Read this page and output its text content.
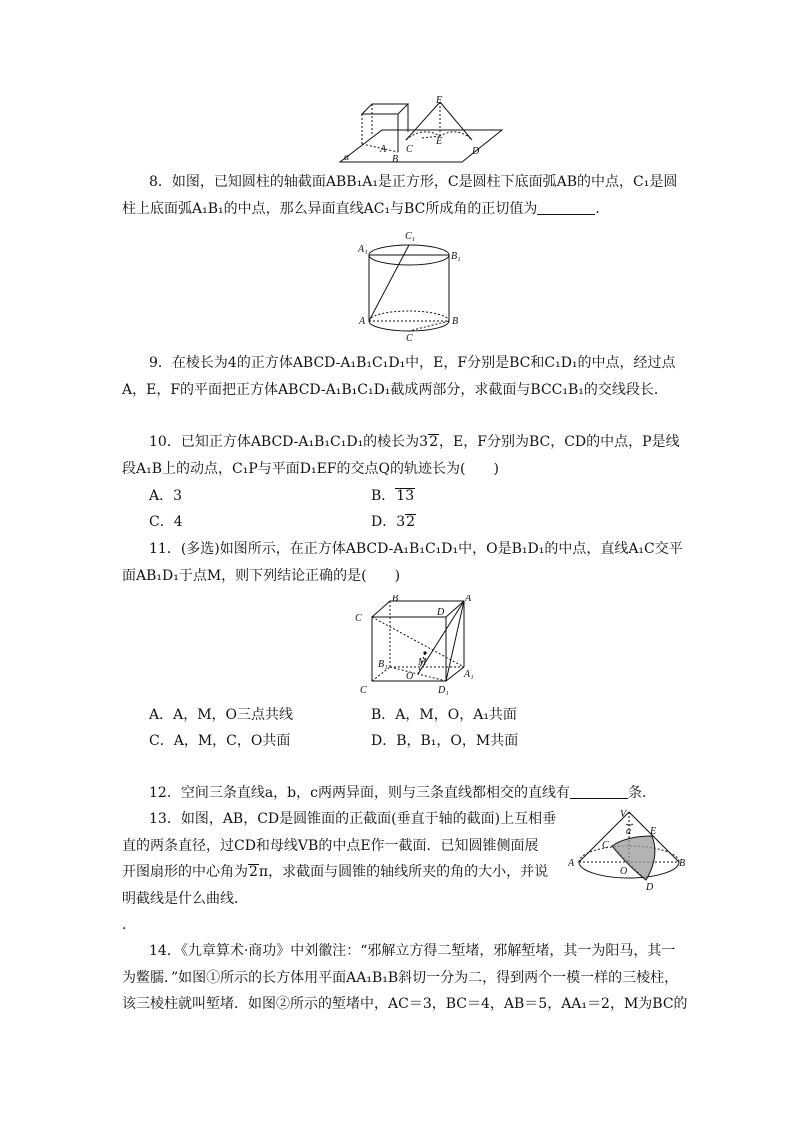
F
E
A
B
C	D
α
8．如图，已知圆柱的轴截面ABB₁A₁是正方形，C是圆柱下底面弧AB的中点，C₁是圆
柱上底面弧A₁B₁的中点，那么异面直线AC₁与BC所成角的正切值为	．
A₁
C₁
B₁
A	B
C
9．在棱长为4的正方体ABCD-A₁B₁C₁D₁中，E，F分别是BC和C₁D₁的中点，经过点
A，E，F的平面把正方体ABCD-A₁B₁C₁D₁截成两部分，求截面与BCC₁B₁的交线段长．
10．已知正方体ABCD-A₁B₁C₁D₁的棱长为32，E，F分别为BC，CD的中点，P是线
段A₁B上的动点，C₁P与平面D₁EF的交点Q的轨迹长为(　　)
A．3	B．13
C．4	D．32
11．(多选)如图所示，在正方体ABCD-A₁B₁C₁D₁中，O是B₁D₁的中点，直线A₁C交平
面AB₁D₁于点M，则下列结论正确的是(　　)
B
D
A
C
M
B₁
O	A₁
C	D₁
A．A，M，O三点共线	B．A，M，O，A₁共面
C．A，M，C，O共面	D．B，B₁，O，M共面
12．空间三条直线a，b，c两两异面，则与三条直线都相交的直线有	条．
13．如图，AB，CD是圆锥面的正截面(垂直于轴的截面)上互相垂
直的两条直径，过CD和母线VB的中点E作一截面．已知圆锥侧面展
开图扇形的中心角为2π，求截面与圆锥的轴线所夹的角的大小，并说
明截线是什么曲线．
.
V
α E
C
A
O
B
D
14．《九章算术·商功》中刘徽注：“邪解立方得二堑堵，邪解堑堵，其一为阳马，其一
为鳖臑．”如图①所示的长方体用平面AA₁B₁B斜切一分为二，得到两个一模一样的三棱柱，
该三棱柱就叫堑堵．如图②所示的堑堵中，AC＝3，BC＝4，AB＝5，AA₁＝2，M为BC的
